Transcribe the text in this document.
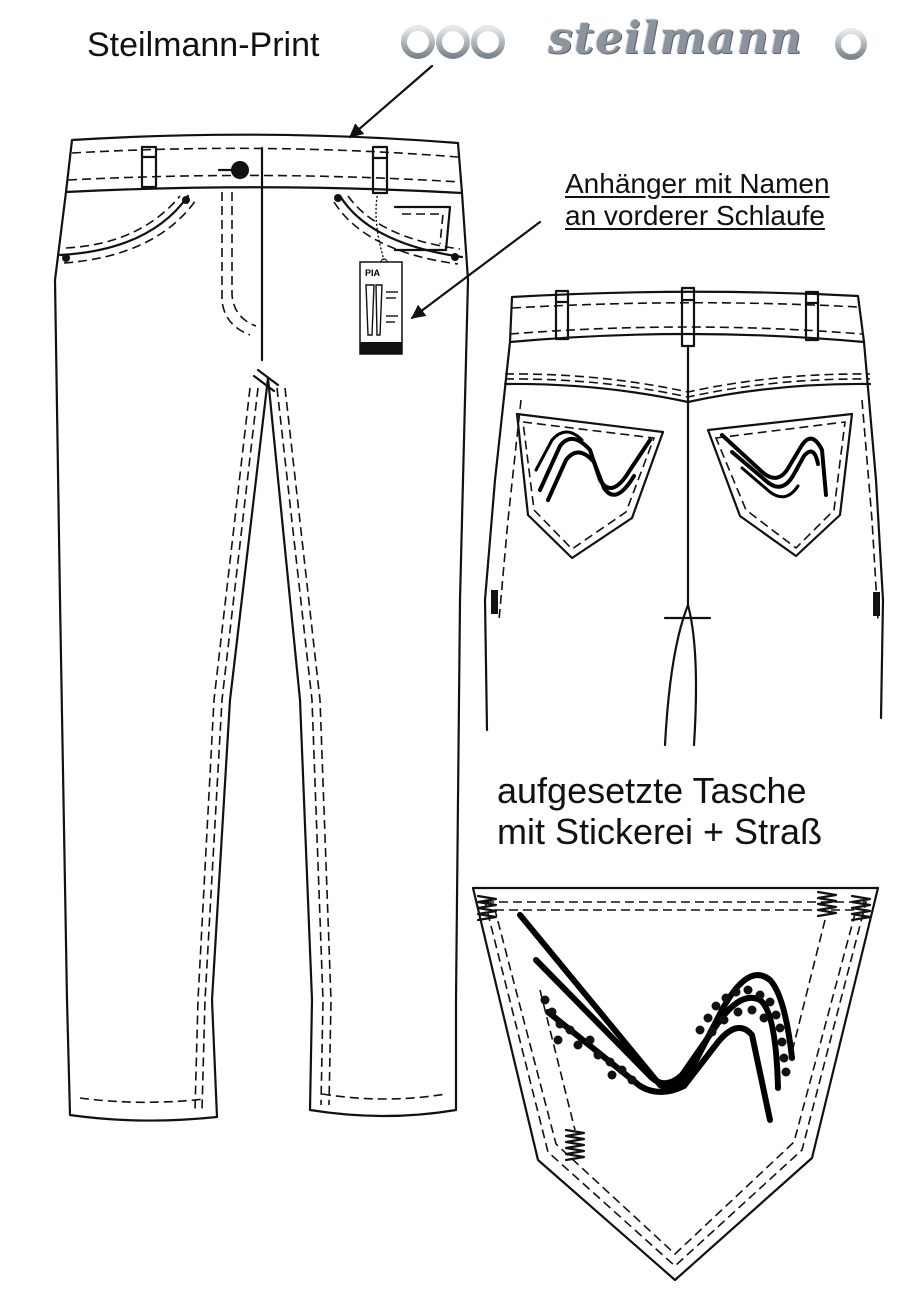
PIA
Steilmann-Print	steilmann
Anhänger mit Namen
an vorderer Schlaufe
aufgesetzte Tasche
mit Stickerei + Straß
